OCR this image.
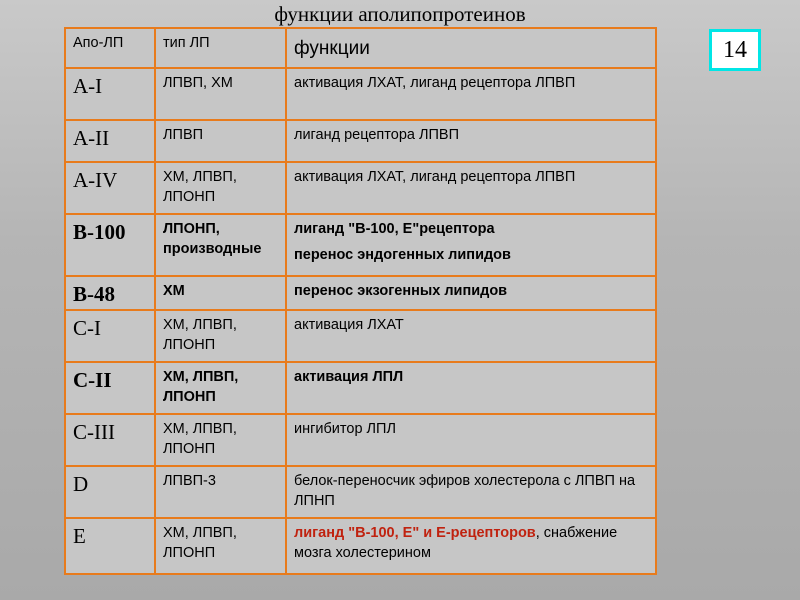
функции аполипопротеинов
14
Апо-ЛП	тип ЛП	функции
A-I	ЛПВП, ХМ	активация ЛХАТ, лиганд рецептора ЛПВП
A-II	ЛПВП	лиганд рецептора ЛПВП
A-IV	ХМ, ЛПВП, ЛПОНП	активация ЛХАТ, лиганд рецептора ЛПВП
B-100	ЛПОНП, производные	лиганд "B-100, E"рецептора
перенос эндогенных липидов

B-48	ХМ	перенос экзогенных липидов
C-I	ХМ, ЛПВП, ЛПОНП	активация ЛХАТ
C-II	ХМ, ЛПВП, ЛПОНП	активация ЛПЛ
C-III	ХМ, ЛПВП, ЛПОНП	ингибитор ЛПЛ
D	ЛПВП-3	белок-переносчик эфиров холестерола с ЛПВП на ЛПНП
E	ХМ, ЛПВП, ЛПОНП	лиганд "B-100, E" и E-рецепторов, снабжение мозга холестерином
